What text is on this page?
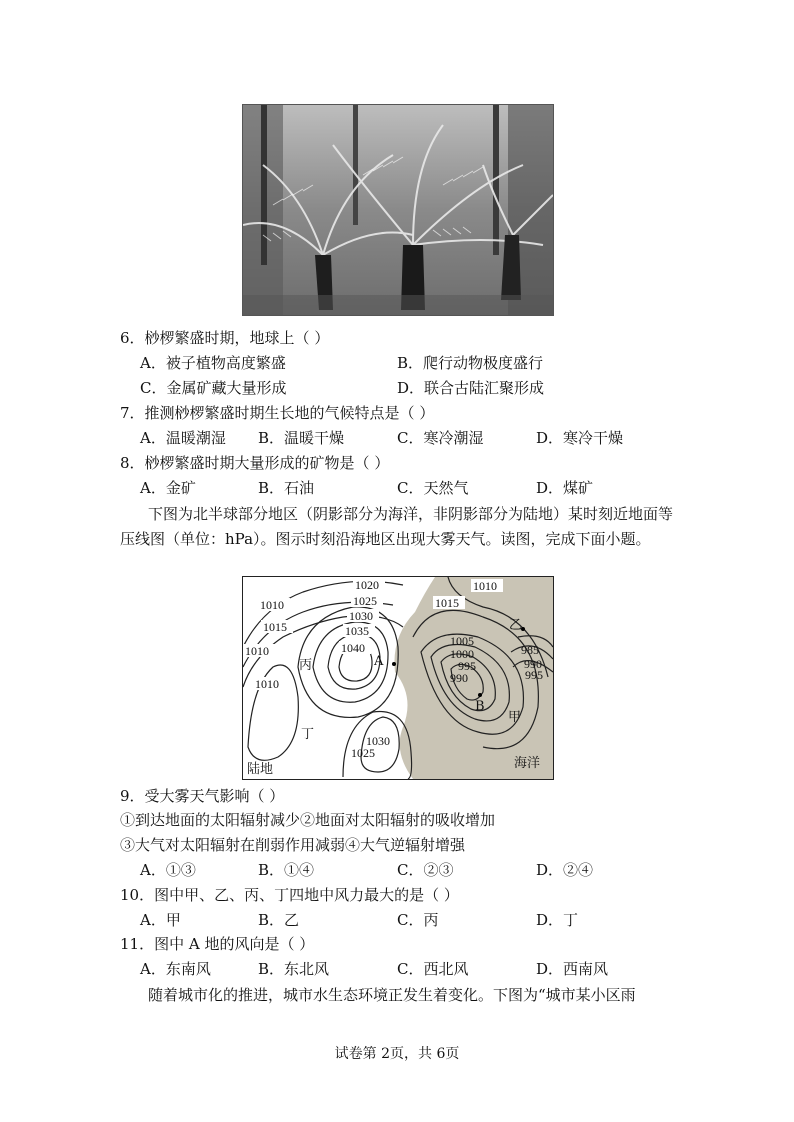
6．桫椤繁盛时期，地球上（ ）
A．被子植物高度繁盛	B．爬行动物极度盛行
C．金属矿藏大量形成	D．联合古陆汇聚形成
7．推测桫椤繁盛时期生长地的气候特点是（ ）
A．温暖潮湿 B．温暖干燥	C．寒冷潮湿	D．寒冷干燥
8．桫椤繁盛时期大量形成的矿物是（ ）
A．金矿	B．石油	C．天然气	D．煤矿
下图为北半球部分地区（阴影部分为海洋，非阴影部分为陆地）某时刻近地面等压线图（单位：hPa）。图示时刻沿海地区出现大雾天气。读图，完成下面小题。
1020
1010	1025
1030
1015	1035
1010	1040
1010
1010
1015
1005
1000
995
990
985
990
995
1030
1025
丙	A
B
乙
甲
丁
陆地	海洋
9．受大雾天气影响（ ）
①到达地面的太阳辐射减少②地面对太阳辐射的吸收增加
③大气对太阳辐射在削弱作用减弱④大气逆辐射增强
A．①③	B．①④	C．②③	D．②④
10．图中甲、乙、丙、丁四地中风力最大的是（ ）
A．甲	B．乙	C．丙	D．丁
11．图中 A 地的风向是（ ）
A．东南风	B．东北风	C．西北风	D．西南风
随着城市化的推进，城市水生态环境正发生着变化。下图为“城市某小区雨
试卷第 2页，共 6页
